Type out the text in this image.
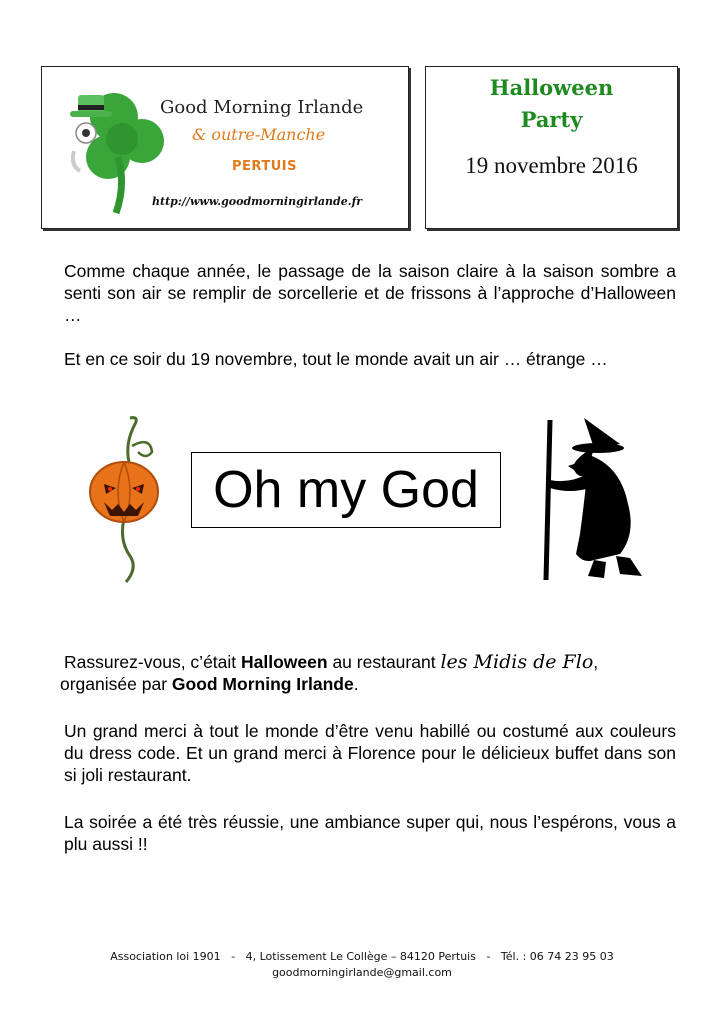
Good Morning Irlande
& outre-Manche
PERTUIS
http://www.goodmorningirlande.fr
Halloween
Party
19 novembre 2016
Comme chaque année, le passage de la saison claire à la saison sombre a senti son air se remplir de sorcellerie et de frissons à l’approche d’Halloween …
Et en ce soir du 19 novembre, tout le monde avait un air … étrange …
Oh my God
Rassurez-vous, c’était Halloween au restaurant les Midis de Flo,
organisée par Good Morning Irlande.
Un grand merci à tout le monde d’être venu habillé ou costumé aux couleurs du dress code. Et un grand merci à Florence pour le délicieux buffet dans son si joli restaurant.
La soirée a été très réussie, une ambiance super qui, nous l’espérons, vous a plu aussi !!
Association loi 1901   -   4, Lotissement Le Collège – 84120 Pertuis   -   Tél. : 06 74 23 95 03
goodmorningirlande@gmail.com
